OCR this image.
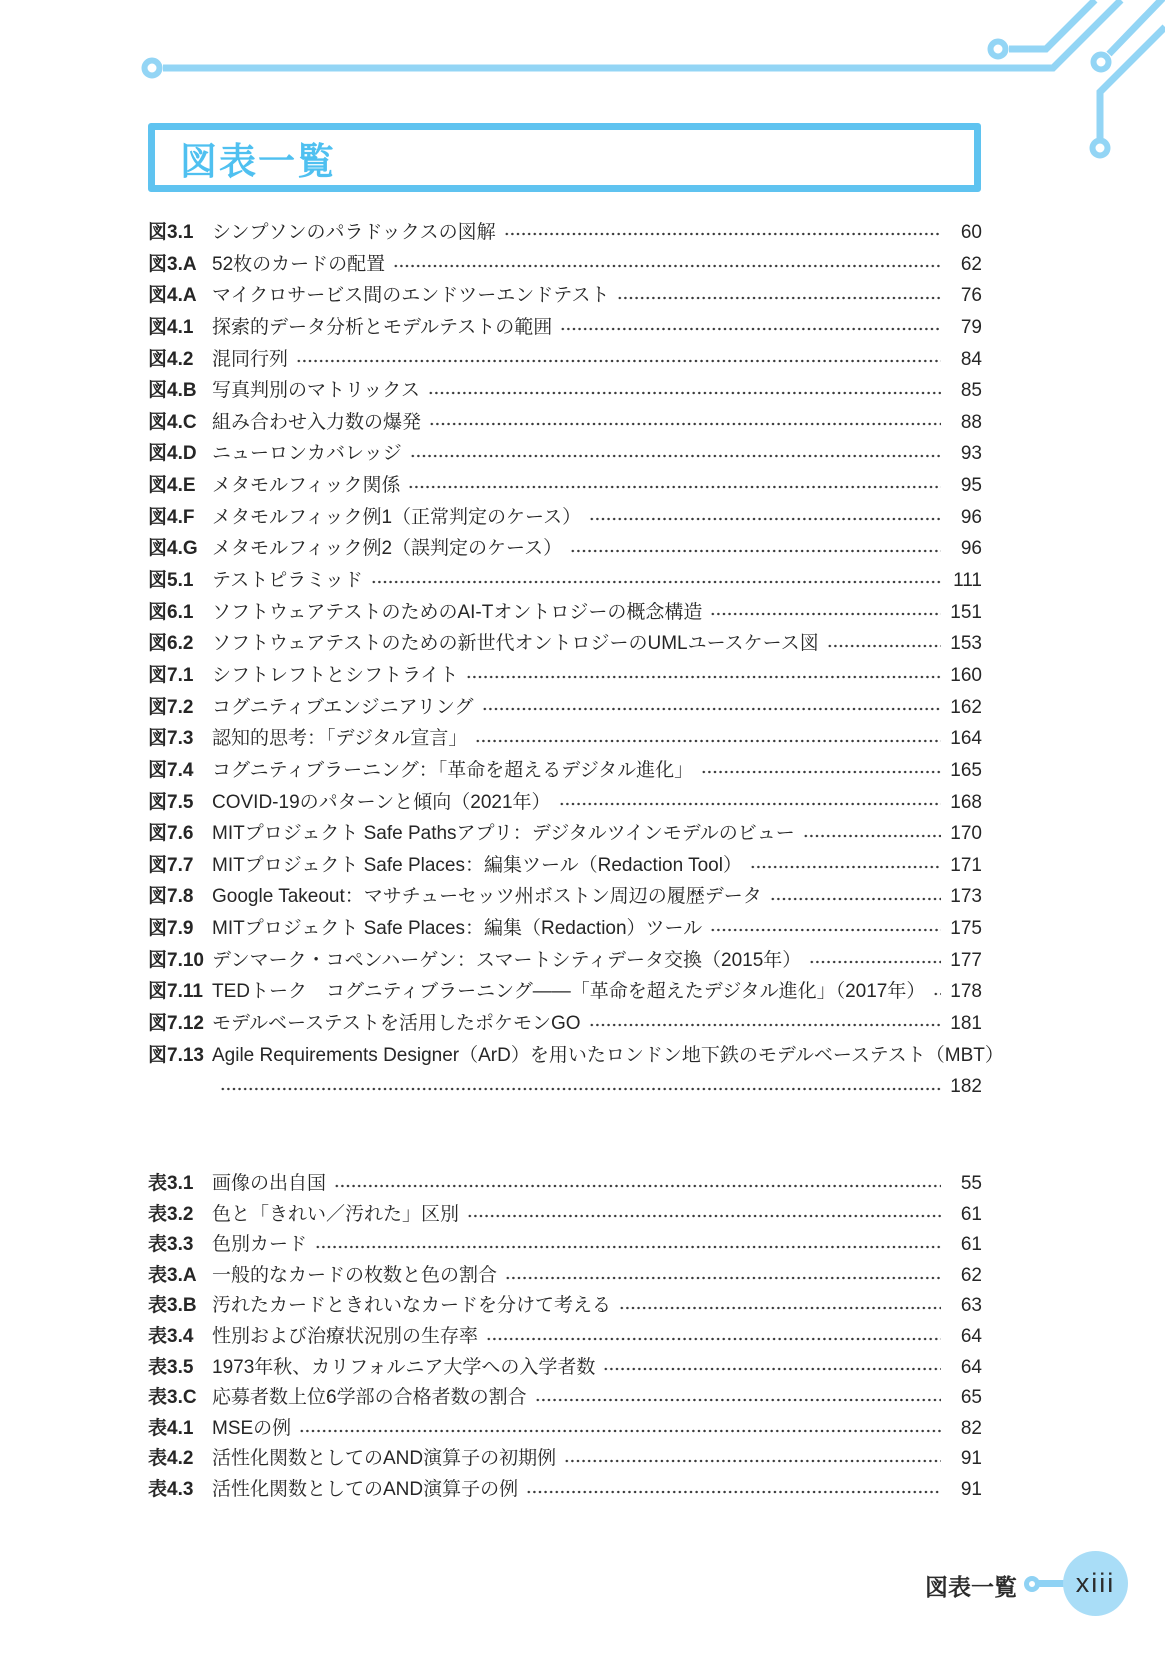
図表一覧
図3.1 シンプソンのパラドックスの図解	60
図3.A 52枚のカードの配置	62
図4.A マイクロサービス間のエンドツーエンドテスト	76
図4.1 探索的データ分析とモデルテストの範囲	79
図4.2 混同行列	84
図4.B 写真判別のマトリックス	85
図4.C 組み合わせ入力数の爆発	88
図4.D ニューロンカバレッジ	93
図4.E メタモルフィック関係	95
図4.F メタモルフィック例1（正常判定のケース）	96
図4.G メタモルフィック例2（誤判定のケース）	96
図5.1 テストピラミッド	111
図6.1 ソフトウェアテストのためのAI-Tオントロジーの概念構造	151
図6.2 ソフトウェアテストのための新世代オントロジーのUMLユースケース図	153
図7.1 シフトレフトとシフトライト	160
図7.2 コグニティブエンジニアリング	162
図7.3 認知的思考：「デジタル宣言」	164
図7.4 コグニティブラーニング：「革命を超えるデジタル進化」	165
図7.5 COVID-19のパターンと傾向（2021年）	168
図7.6 MITプロジェクト Safe Pathsアプリ：デジタルツインモデルのビュー	170
図7.7 MITプロジェクト Safe Places：編集ツール（Redaction Tool）	171
図7.8 Google Takeout：マサチューセッツ州ボストン周辺の履歴データ	173
図7.9 MITプロジェクト Safe Places：編集（Redaction）ツール	175
図7.10 デンマーク・コペンハーゲン：スマートシティデータ交換（2015年）	177
図7.11 TEDトーク　コグニティブラーニング――「革命を超えたデジタル進化」（2017年） 178
図7.12 モデルベーステストを活用したポケモンGO	181
図7.13 Agile Requirements Designer（ArD）を用いたロンドン地下鉄のモデルベーステスト（MBT）
182
表3.1 画像の出自国	55
表3.2 色と「きれい／汚れた」区別	61
表3.3 色別カード	61
表3.A 一般的なカードの枚数と色の割合	62
表3.B 汚れたカードときれいなカードを分けて考える	63
表3.4 性別および治療状況別の生存率	64
表3.5 1973年秋、カリフォルニア大学への入学者数	64
表3.C 応募者数上位6学部の合格者数の割合	65
表4.1 MSEの例	82
表4.2 活性化関数としてのAND演算子の初期例	91
表4.3 活性化関数としてのAND演算子の例	91
図表一覧 xiii
